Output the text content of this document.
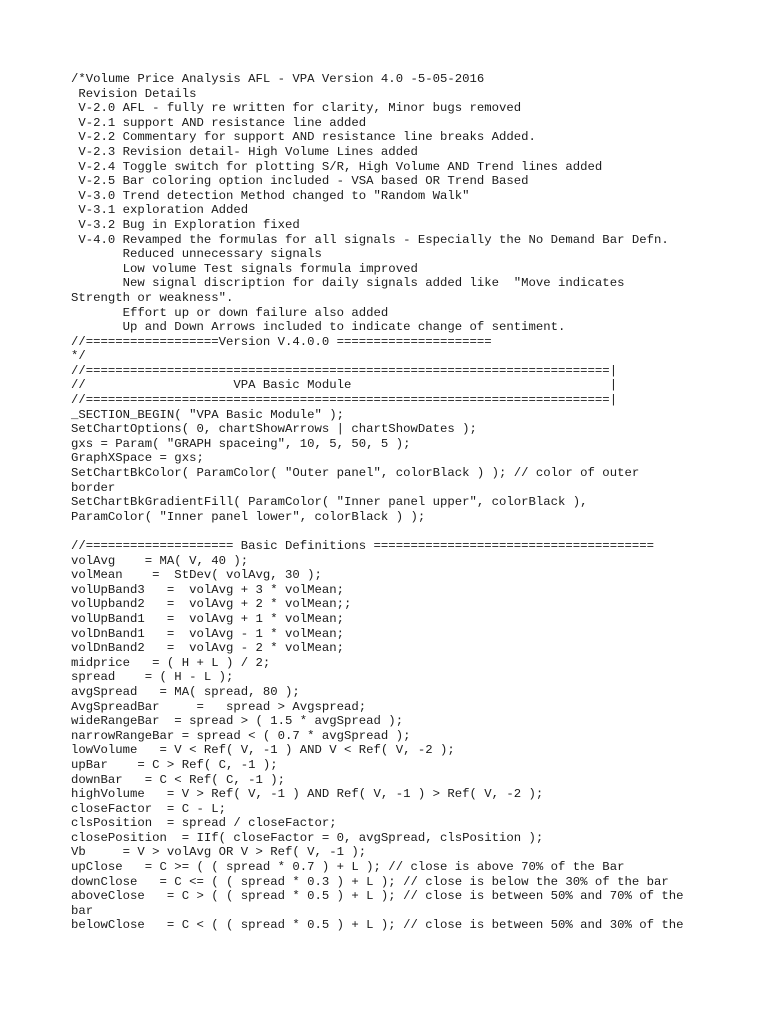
/*Volume Price Analysis AFL - VPA Version 4.0 -5-05-2016
Revision Details
V-2.0 AFL - fully re written for clarity, Minor bugs removed
V-2.1 support AND resistance line added
V-2.2 Commentary for support AND resistance line breaks Added.
V-2.3 Revision detail- High Volume Lines added
V-2.4 Toggle switch for plotting S/R, High Volume AND Trend lines added
V-2.5 Bar coloring option included - VSA based OR Trend Based
V-3.0 Trend detection Method changed to "Random Walk"
V-3.1 exploration Added
V-3.2 Bug in Exploration fixed
V-4.0 Revamped the formulas for all signals - Especially the No Demand Bar Defn.
Reduced unnecessary signals
Low volume Test signals formula improved
New signal discription for daily signals added like  "Move indicates
Strength or weakness".
Effort up or down failure also added
Up and Down Arrows included to indicate change of sentiment.
//==================Version V.4.0.0 =====================
*/
//=======================================================================|
//                    VPA Basic Module                                   |
//=======================================================================|
_SECTION_BEGIN( "VPA Basic Module" );
SetChartOptions( 0, chartShowArrows | chartShowDates );
gxs = Param( "GRAPH spaceing", 10, 5, 50, 5 );
GraphXSpace = gxs;
SetChartBkColor( ParamColor( "Outer panel", colorBlack ) ); // color of outer
border
SetChartBkGradientFill( ParamColor( "Inner panel upper", colorBlack ),
ParamColor( "Inner panel lower", colorBlack ) );
//==================== Basic Definitions ======================================
volAvg    = MA( V, 40 );
volMean    =  StDev( volAvg, 30 );
volUpBand3   =  volAvg + 3 * volMean;
volUpband2   =  volAvg + 2 * volMean;;
volUpBand1   =  volAvg + 1 * volMean;
volDnBand1   =  volAvg - 1 * volMean;
volDnBand2   =  volAvg - 2 * volMean;
midprice   = ( H + L ) / 2;
spread    = ( H - L );
avgSpread   = MA( spread, 80 );
AvgSpreadBar     =   spread > Avgspread;
wideRangeBar  = spread > ( 1.5 * avgSpread );
narrowRangeBar = spread < ( 0.7 * avgSpread );
lowVolume   = V < Ref( V, -1 ) AND V < Ref( V, -2 );
upBar    = C > Ref( C, -1 );
downBar   = C < Ref( C, -1 );
highVolume   = V > Ref( V, -1 ) AND Ref( V, -1 ) > Ref( V, -2 );
closeFactor  = C - L;
clsPosition  = spread / closeFactor;
closePosition  = IIf( closeFactor = 0, avgSpread, clsPosition );
Vb     = V > volAvg OR V > Ref( V, -1 );
upClose   = C >= ( ( spread * 0.7 ) + L ); // close is above 70% of the Bar
downClose   = C <= ( ( spread * 0.3 ) + L ); // close is below the 30% of the bar
aboveClose   = C > ( ( spread * 0.5 ) + L ); // close is between 50% and 70% of the
bar
belowClose   = C < ( ( spread * 0.5 ) + L ); // close is between 50% and 30% of the
